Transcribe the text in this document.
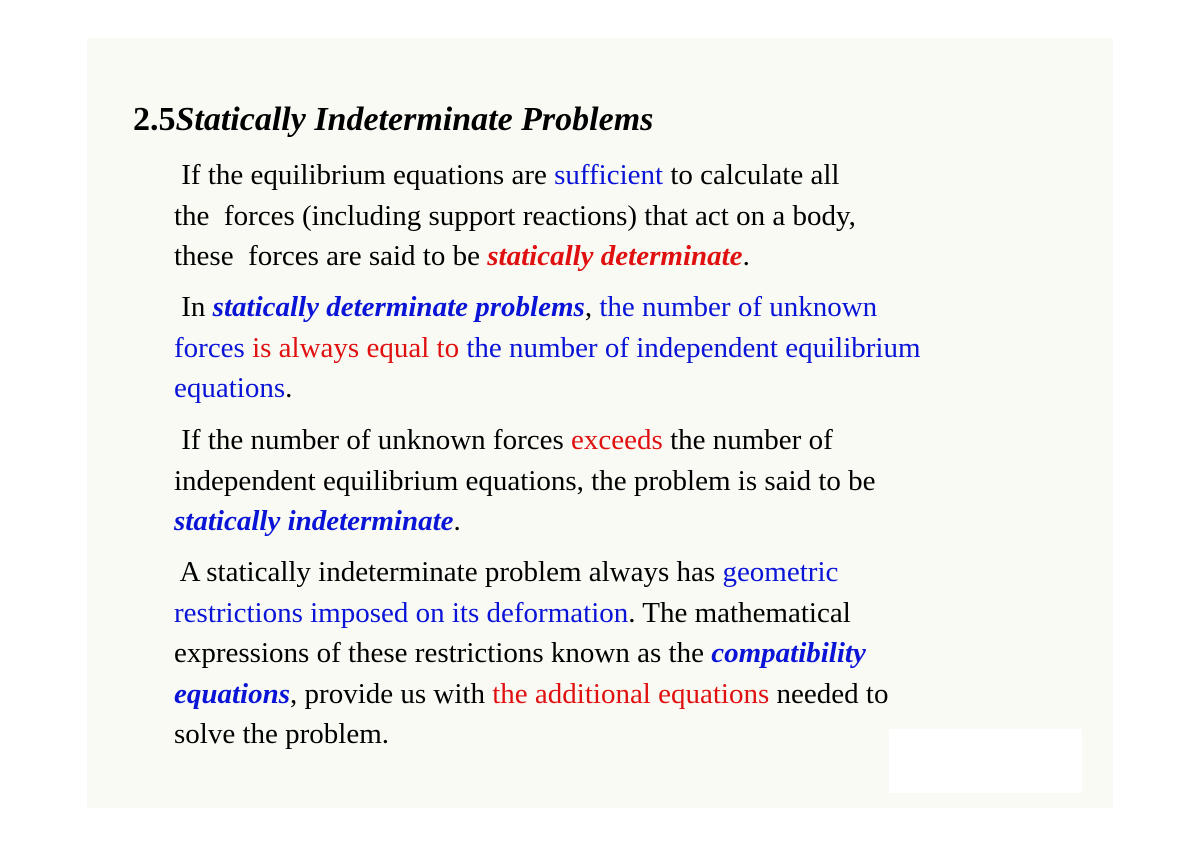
2.5Statically Indeterminate Problems
If the equilibrium equations are sufficient to calculate all
the  forces (including support reactions) that act on a body,
these  forces are said to be statically determinate.
In statically determinate problems, the number of unknown
forces is always equal to the number of independent equilibrium
equations.
If the number of unknown forces exceeds the number of
independent equilibrium equations, the problem is said to be
statically indeterminate.
A statically indeterminate problem always has geometric
restrictions imposed on its deformation. The mathematical
expressions of these restrictions known as the compatibility
equations, provide us with the additional equations needed to
solve the problem.
